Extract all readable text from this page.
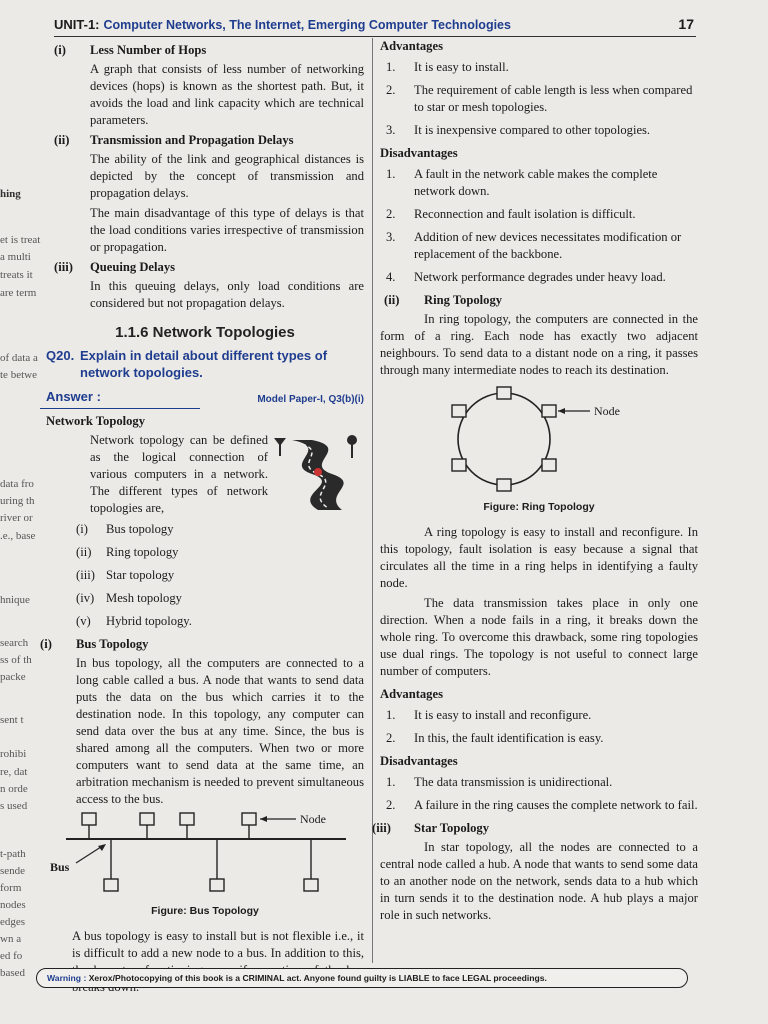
UNIT-1: Computer Networks, The Internet, Emerging Computer Technologies	17
hing
et is treat
a multi
treats it
are term
of data a
te betwe
data fro
uring th
river or
.e., base
hnique
search
ss of th
packe
sent t
rohibi
re, dat
n orde
s used
t-path
sende
form
nodes
edges
wn a
ed fo
based
(i) Less Number of Hops
A graph that consists of less number of networking devices (hops) is known as the shortest path. But, it avoids the load and link capacity which are technical parameters.
(ii) Transmission and Propagation Delays
The ability of the link and geographical distances is depicted by the concept of transmission and propagation delays.
The main disadvantage of this type of delays is that the load conditions varies irrespective of transmission or propagation.
(iii) Queuing Delays
In this queuing delays, only load conditions are considered but not propagation delays.
1.1.6 Network Topologies
Q20. Explain in detail about different types of network topologies.
Answer :	Model Paper-I, Q3(b)(i)
Network Topology
Network topology can be defined as the logical connection of various computers in a network. The different types of network topologies are,
(i) Bus topology
(ii) Ring topology
(iii) Star topology
(iv) Mesh topology
(v) Hybrid topology.
(i) Bus Topology
In bus topology, all the computers are connected to a long cable called a bus. A node that wants to send data puts the data on the bus which carries it to the destination node. In this topology, any computer can send data over the bus at any time. Since, the bus is shared among all the computers. When two or more computers want to send data at the same time, an arbitration mechanism is needed to prevent simultaneous access to the bus.
Node
Bus
Figure: Bus Topology
A bus topology is easy to install but is not flexible i.e., it is difficult to add a new node to a bus. In addition to this,
Advantages
1. It is easy to install.
2. The requirement of cable length is less when compared to star or mesh topologies.
3. It is inexpensive compared to other topologies.
Disadvantages
1. A fault in the network cable makes the complete network down.
2. Reconnection and fault isolation is difficult.
3. Addition of new devices necessitates modification or replacement of the backbone.
4. Network performance degrades under heavy load.
(ii) Ring Topology
In ring topology, the computers are connected in the form of a ring. Each node has exactly two adjacent neighbours. To send data to a distant node on a ring, it passes through many intermediate nodes to reach its destination.
Node
Figure: Ring Topology
A ring topology is easy to install and reconfigure. In this topology, fault isolation is easy because a signal that circulates all the time in a ring helps in identifying a faulty node.
The data transmission takes place in only one direction. When a node fails in a ring, it breaks down the whole ring. To overcome this drawback, some ring topologies use dual rings. The topology is not useful to connect large number of computers.
Advantages
1. It is easy to install and reconfigure.
2. In this, the fault identification is easy.
Disadvantages
1. The data transmission is unidirectional.
2. A failure in the ring causes the complete network to fail.
(iii) Star Topology
In star topology, all the nodes are connected to a central node called a hub. A node that wants to send some data to an another node on the network, sends data to a hub which in turn sends it to the destination node. A hub plays a major role in such networks.
Warning : Xerox/Photocopying of this book is a CRIMINAL act. Anyone found guilty is LIABLE to face LEGAL proceedings.
